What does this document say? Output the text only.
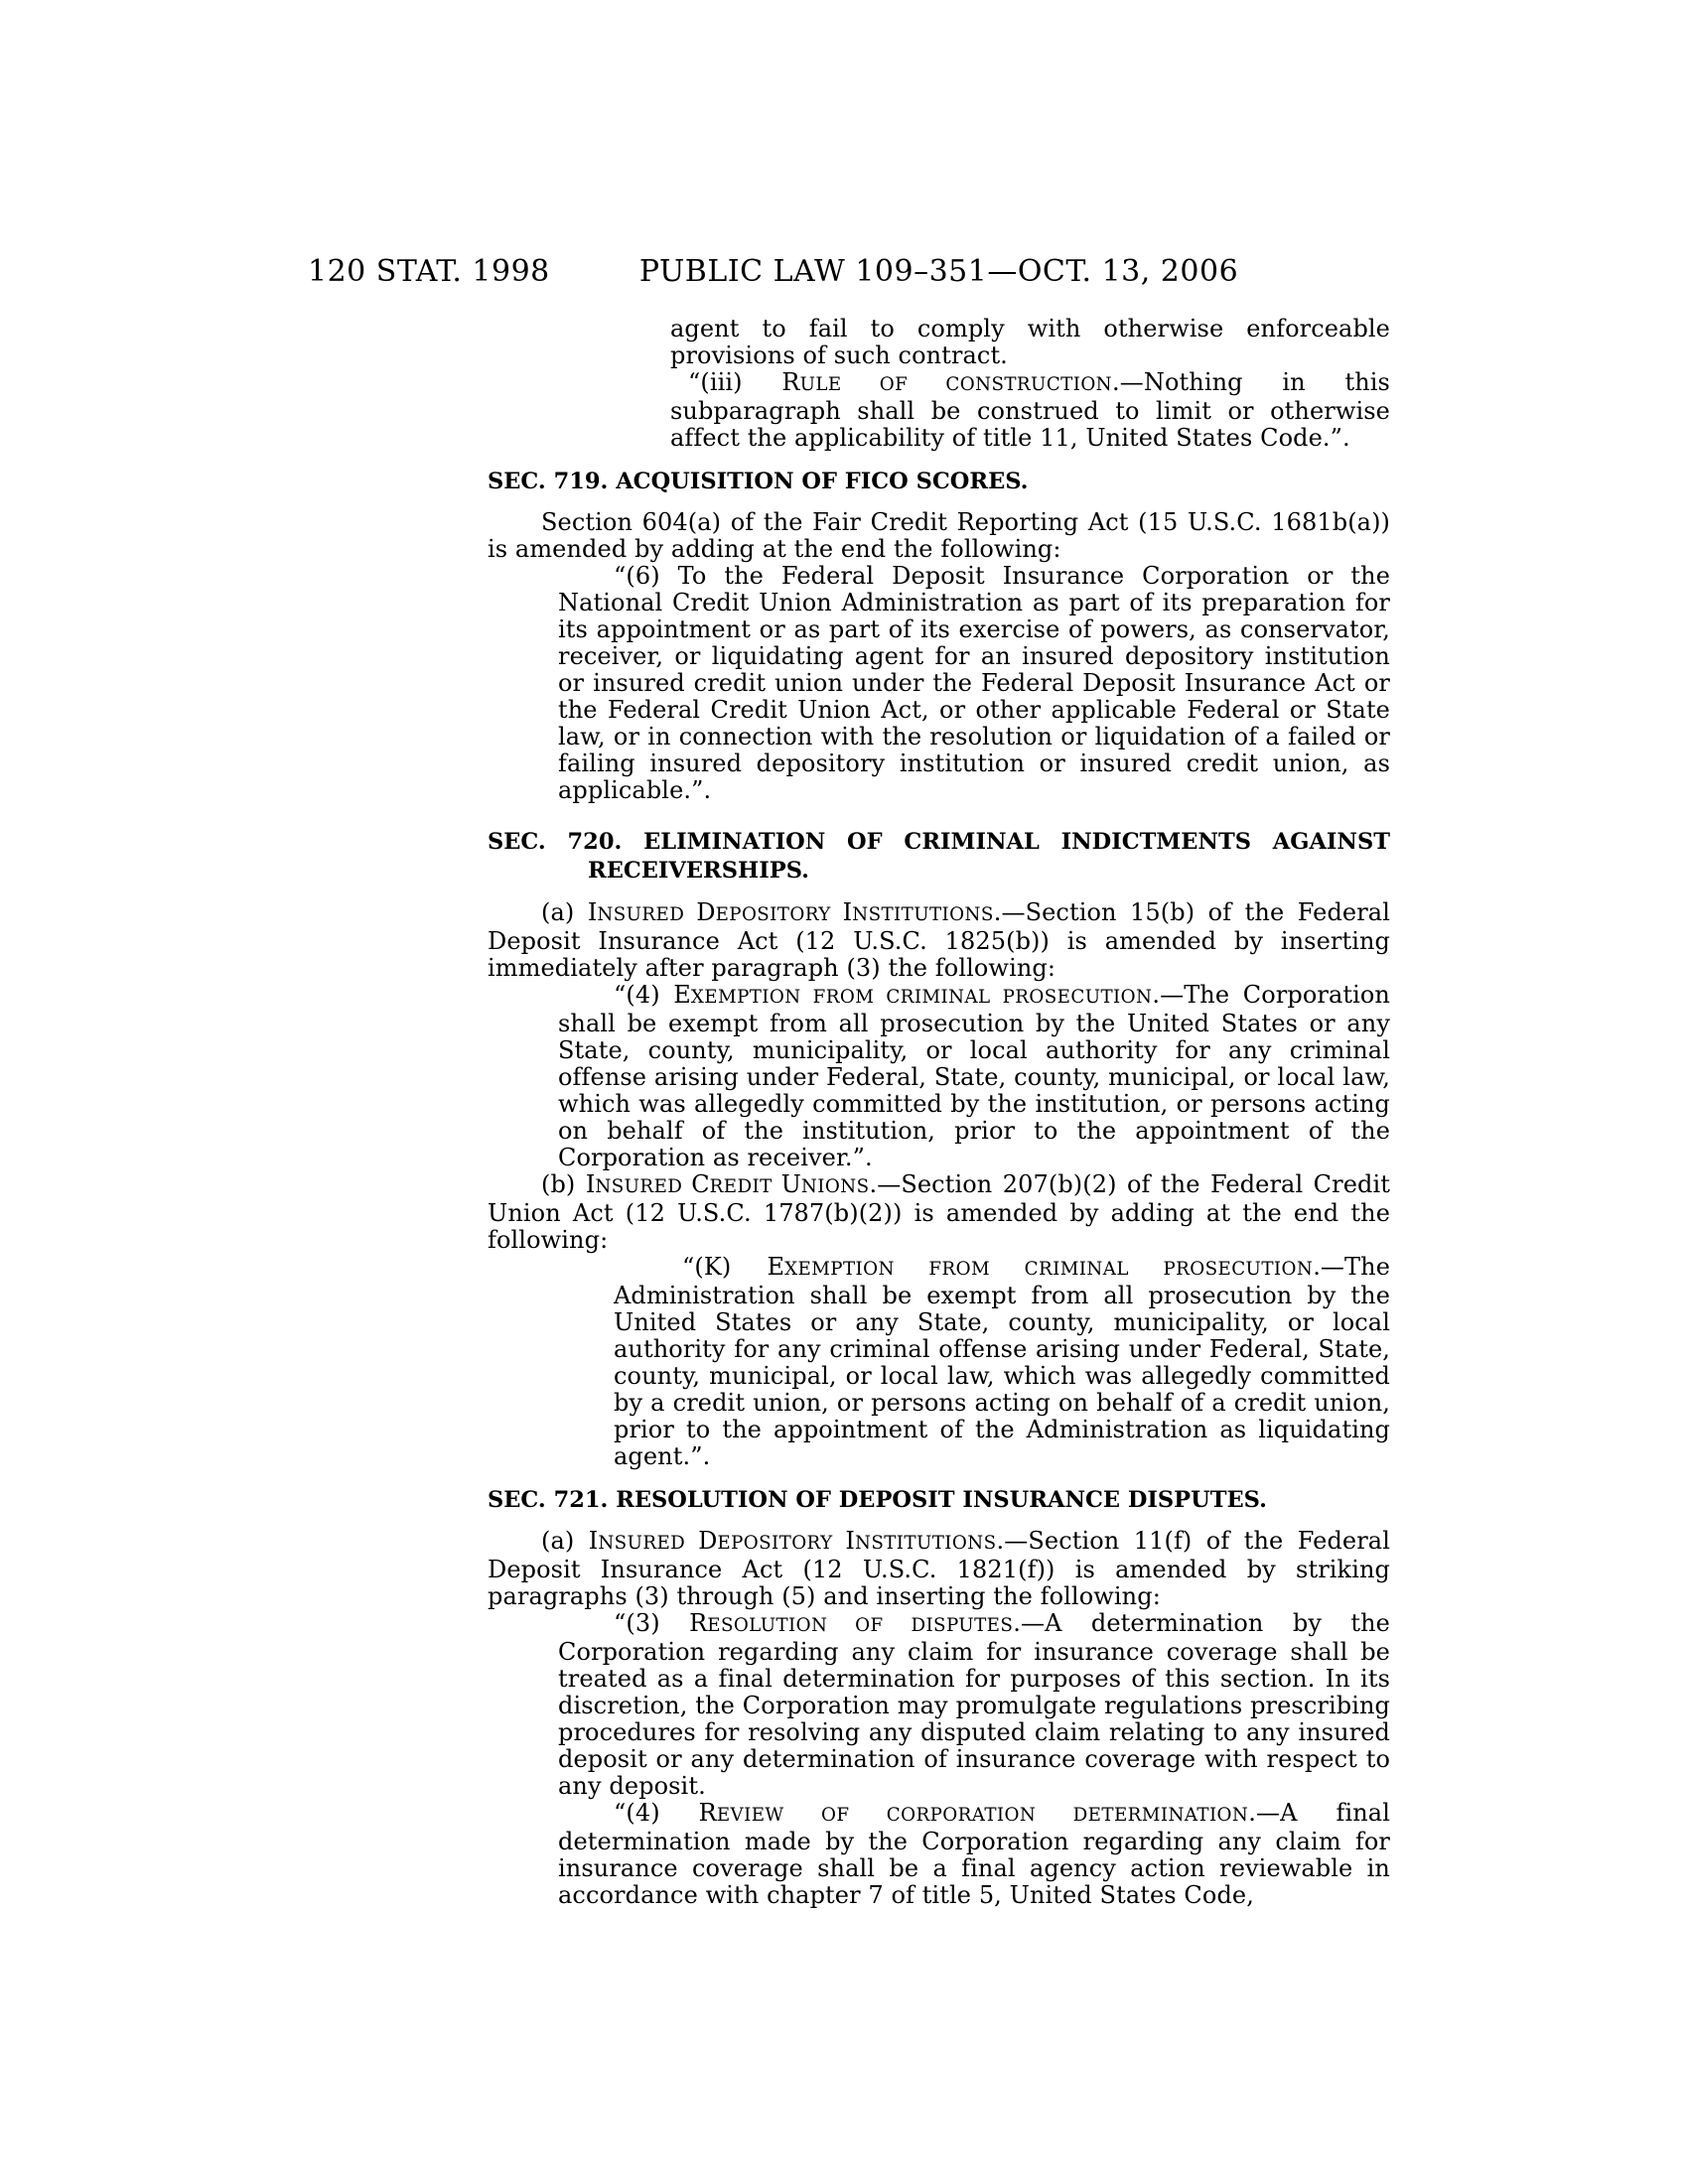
120 STAT. 1998	PUBLIC LAW 109–351—OCT. 13, 2006

agent to fail to comply with otherwise enforceable provisions of such contract.

“(iii) RULE OF CONSTRUCTION.—Nothing in this subparagraph shall be construed to limit or otherwise affect the applicability of title 11, United States Code.”.

SEC. 719. ACQUISITION OF FICO SCORES.

Section 604(a) of the Fair Credit Reporting Act (15 U.S.C. 1681b(a)) is amended by adding at the end the following:

“(6) To the Federal Deposit Insurance Corporation or the National Credit Union Administration as part of its preparation for its appointment or as part of its exercise of powers, as conservator, receiver, or liquidating agent for an insured depository institution or insured credit union under the Federal Deposit Insurance Act or the Federal Credit Union Act, or other applicable Federal or State law, or in connection with the resolution or liquidation of a failed or failing insured depository institution or insured credit union, as applicable.”.

SEC. 720. ELIMINATION OF CRIMINAL INDICTMENTS AGAINST RECEIVERSHIPS.

(a) INSURED DEPOSITORY INSTITUTIONS.—Section 15(b) of the Federal Deposit Insurance Act (12 U.S.C. 1825(b)) is amended by inserting immediately after paragraph (3) the following:

“(4) EXEMPTION FROM CRIMINAL PROSECUTION.—The Corporation shall be exempt from all prosecution by the United States or any State, county, municipality, or local authority for any criminal offense arising under Federal, State, county, municipal, or local law, which was allegedly committed by the institution, or persons acting on behalf of the institution, prior to the appointment of the Corporation as receiver.”.

(b) INSURED CREDIT UNIONS.—Section 207(b)(2) of the Federal Credit Union Act (12 U.S.C. 1787(b)(2)) is amended by adding at the end the following:

“(K) EXEMPTION FROM CRIMINAL PROSECUTION.—The Administration shall be exempt from all prosecution by the United States or any State, county, municipality, or local authority for any criminal offense arising under Federal, State, county, municipal, or local law, which was allegedly committed by a credit union, or persons acting on behalf of a credit union, prior to the appointment of the Administration as liquidating agent.”.

SEC. 721. RESOLUTION OF DEPOSIT INSURANCE DISPUTES.

(a) INSURED DEPOSITORY INSTITUTIONS.—Section 11(f) of the Federal Deposit Insurance Act (12 U.S.C. 1821(f)) is amended by striking paragraphs (3) through (5) and inserting the following:

“(3) RESOLUTION OF DISPUTES.—A determination by the Corporation regarding any claim for insurance coverage shall be treated as a final determination for purposes of this section. In its discretion, the Corporation may promulgate regulations prescribing procedures for resolving any disputed claim relating to any insured deposit or any determination of insurance coverage with respect to any deposit.

“(4) REVIEW OF CORPORATION DETERMINATION.—A final determination made by the Corporation regarding any claim for insurance coverage shall be a final agency action reviewable in accordance with chapter 7 of title 5, United States Code,
